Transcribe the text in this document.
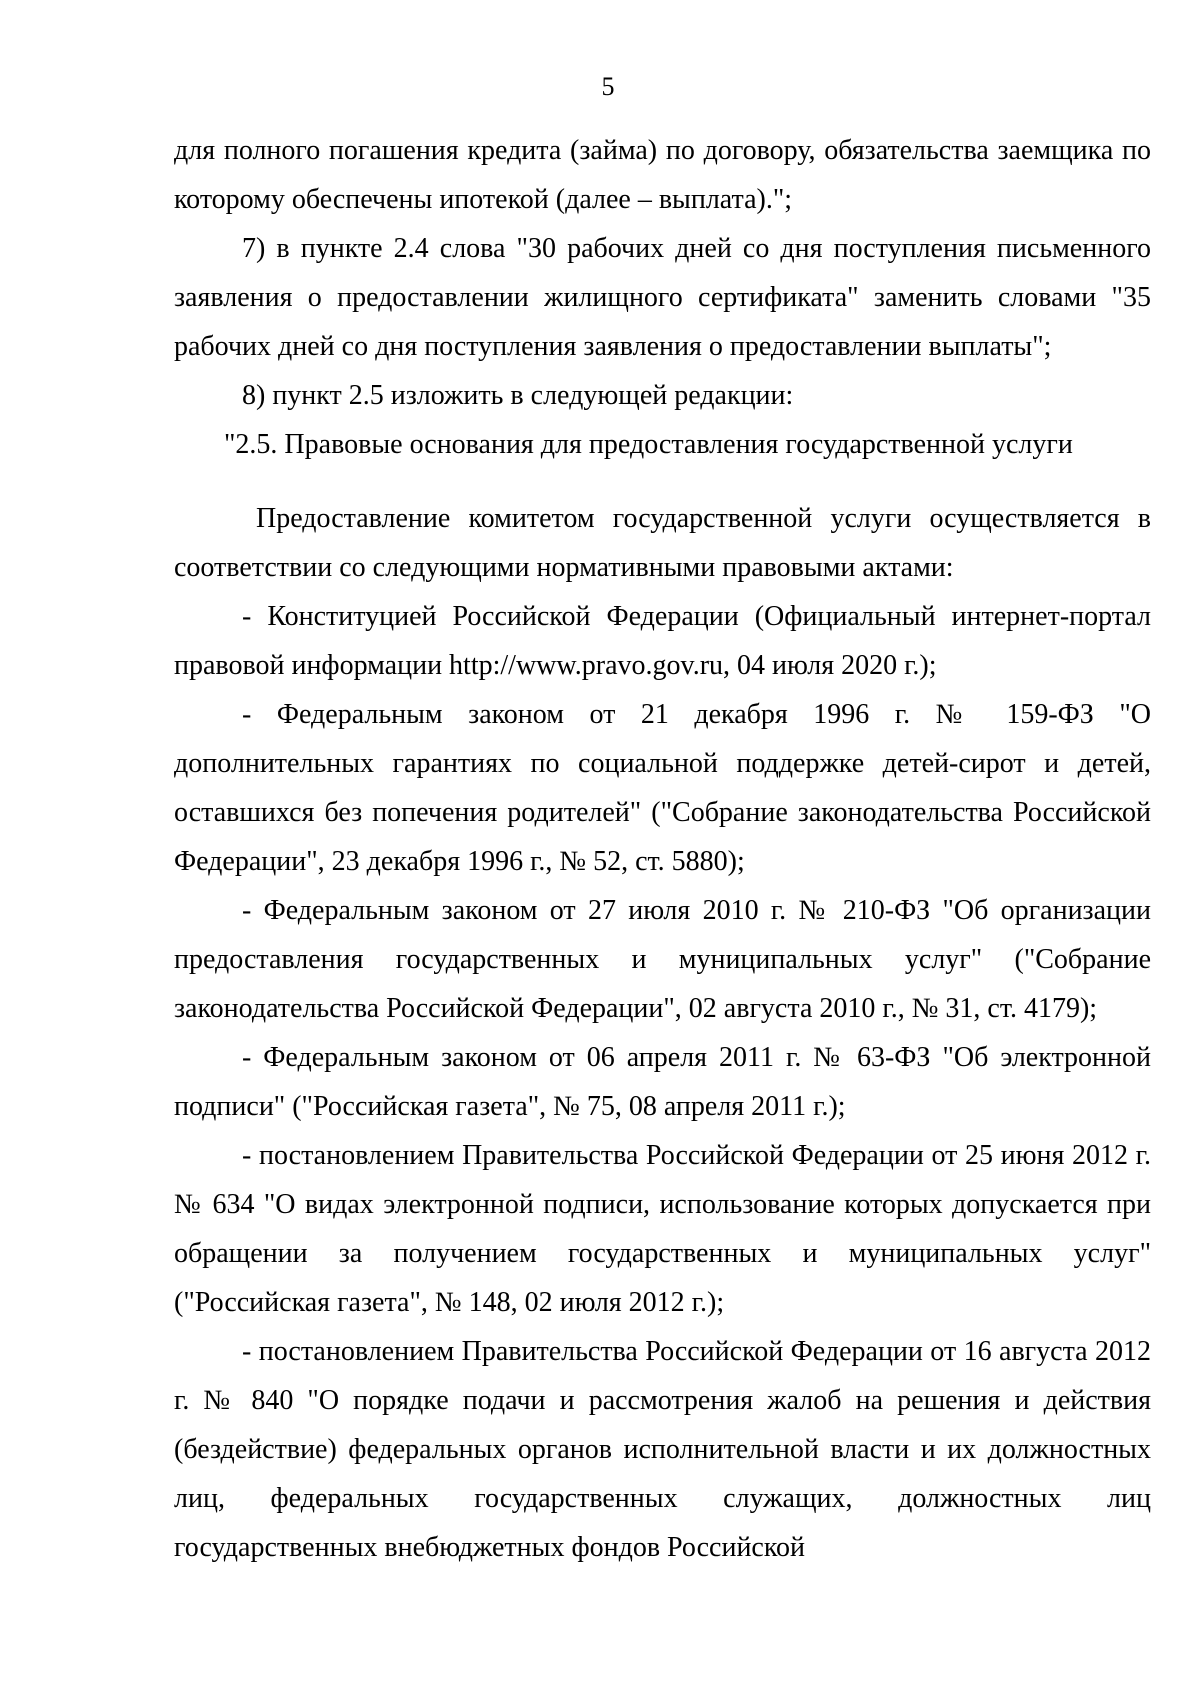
5

для полного погашения кредита (займа) по договору, обязательства заемщика по которому обеспечены ипотекой (далее – выплата).";

7) в пункте 2.4 слова "30 рабочих дней со дня поступления письменного заявления о предоставлении жилищного сертификата" заменить словами "35 рабочих дней со дня поступления заявления о предоставлении выплаты";

8) пункт 2.5 изложить в следующей редакции:

"2.5. Правовые основания для предоставления государственной услуги

Предоставление комитетом государственной услуги осуществляется в соответствии со следующими нормативными правовыми актами:

- Конституцией Российской Федерации (Официальный интернет-портал правовой информации http://www.pravo.gov.ru, 04 июля 2020 г.);

- Федеральным законом от 21 декабря 1996 г. № 159-ФЗ "О дополнительных гарантиях по социальной поддержке детей-сирот и детей, оставшихся без попечения родителей" ("Собрание законодательства Российской Федерации", 23 декабря 1996 г., № 52, ст. 5880);

- Федеральным законом от 27 июля 2010 г. № 210-ФЗ "Об организации предоставления государственных и муниципальных услуг" ("Собрание законодательства Российской Федерации", 02 августа 2010 г., № 31, ст. 4179);

- Федеральным законом от 06 апреля 2011 г. № 63-ФЗ "Об электронной подписи" ("Российская газета", № 75, 08 апреля 2011 г.);

- постановлением Правительства Российской Федерации от 25 июня 2012 г. № 634 "О видах электронной подписи, использование которых допускается при обращении за получением государственных и муниципальных услуг" ("Российская газета", № 148, 02 июля 2012 г.);

- постановлением Правительства Российской Федерации от 16 августа 2012 г. № 840 "О порядке подачи и рассмотрения жалоб на решения и действия (бездействие) федеральных органов исполнительной власти и их должностных лиц, федеральных государственных служащих, должностных лиц государственных внебюджетных фондов Российской
